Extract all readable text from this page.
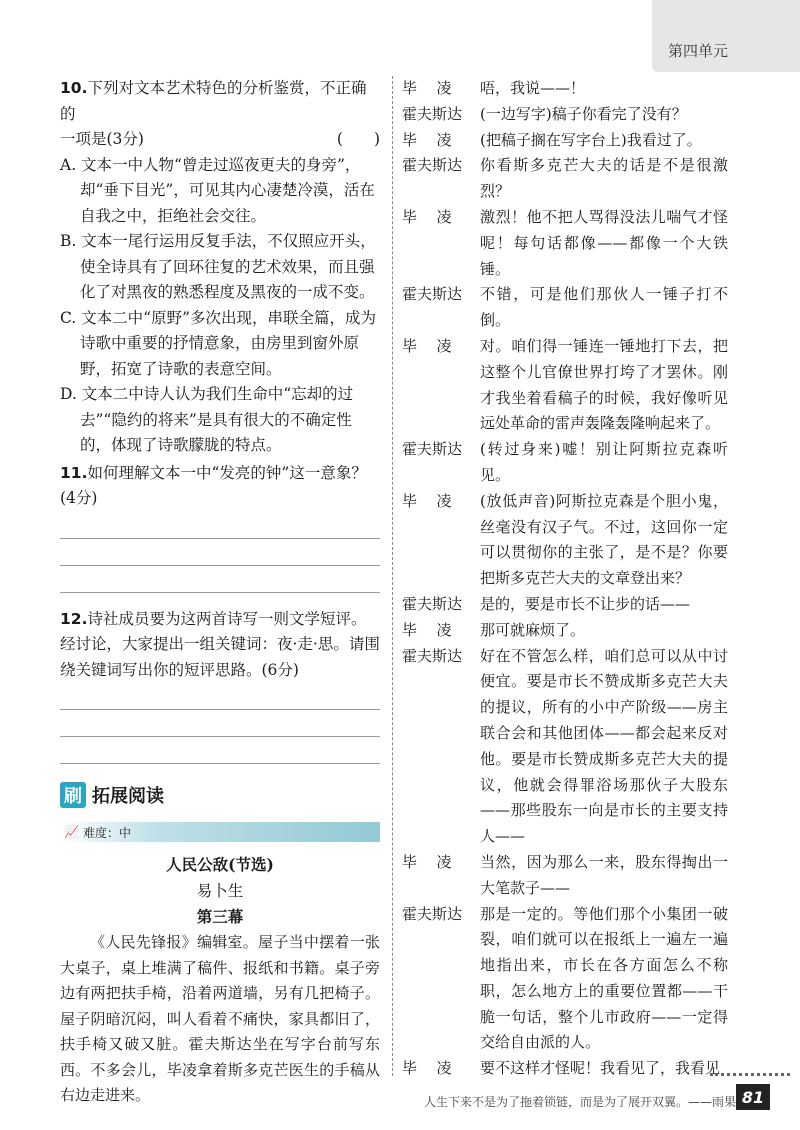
第四单元

10.下列对文本艺术特色的分析鉴赏，不正确的

一项是(3分)	(　　)

A. 文本一中人物“曾走过巡夜更夫的身旁”，却“垂下目光”，可见其内心凄楚冷漠，活在自我之中，拒绝社会交往。

B. 文本一尾行运用反复手法，不仅照应开头，使全诗具有了回环往复的艺术效果，而且强化了对黑夜的熟悉程度及黑夜的一成不变。

C. 文本二中“原野”多次出现，串联全篇，成为诗歌中重要的抒情意象，由房里到窗外原野，拓宽了诗歌的表意空间。

D. 文本二中诗人认为我们生命中“忘却的过去”“隐约的将来”是具有很大的不确定性的，体现了诗歌朦胧的特点。

11.如何理解文本一中“发亮的钟”这一意象？(4分)

12.诗社成员要为这两首诗写一则文学短评。经讨论，大家提出一组关键词：夜·走·思。请围绕关键词写出你的短评思路。(6分)

刷 拓展阅读
📈 难度：中

人民公敌(节选)

易卜生

第三幕

《人民先锋报》编辑室。屋子当中摆着一张大桌子，桌上堆满了稿件、报纸和书籍。桌子旁边有两把扶手椅，沿着两道墙，另有几把椅子。屋子阴暗沉闷，叫人看着不痛快，家具都旧了，扶手椅又破又脏。霍夫斯达坐在写字台前写东西。不多会儿，毕凌拿着斯多克芒医生的手稿从右边走进来。

毕凌 唔，我说——！
霍夫斯达	(一边写字)稿子你看完了没有？
毕凌 (把稿子搁在写字台上)我看过了。
霍夫斯达	你看斯多克芒大夫的话是不是很激烈？
毕凌 激烈！他不把人骂得没法儿喘气才怪呢！每句话都像——都像一个大铁锤。
霍夫斯达	不错，可是他们那伙人一锤子打不倒。
毕凌 对。咱们得一锤连一锤地打下去，把这整个儿官僚世界打垮了才罢休。刚才我坐着看稿子的时候，我好像听见远处革命的雷声轰隆轰隆响起来了。
霍夫斯达	(转过身来)嘘！别让阿斯拉克森听见。
毕凌 (放低声音)阿斯拉克森是个胆小鬼，丝毫没有汉子气。不过，这回你一定可以贯彻你的主张了，是不是？你要把斯多克芒大夫的文章登出来？
霍夫斯达	是的，要是市长不让步的话——
毕凌 那可就麻烦了。
霍夫斯达	好在不管怎么样，咱们总可以从中讨便宜。要是市长不赞成斯多克芒大夫的提议，所有的小中产阶级——房主联合会和其他团体——都会起来反对他。要是市长赞成斯多克芒大夫的提议，他就会得罪浴场那伙子大股东——那些股东一向是市长的主要支持人——
毕凌 当然，因为那么一来，股东得掏出一大笔款子——
霍夫斯达	那是一定的。等他们那个小集团一破裂，咱们就可以在报纸上一遍左一遍地指出来，市长在各方面怎么不称职，怎么地方上的重要位置都——干脆一句话，整个儿市政府——一定得交给自由派的人。
毕凌 要不这样才怪呢！我看见了，我看见
人生下来不是为了拖着锁链，而是为了展开双翼。——雨果 81
